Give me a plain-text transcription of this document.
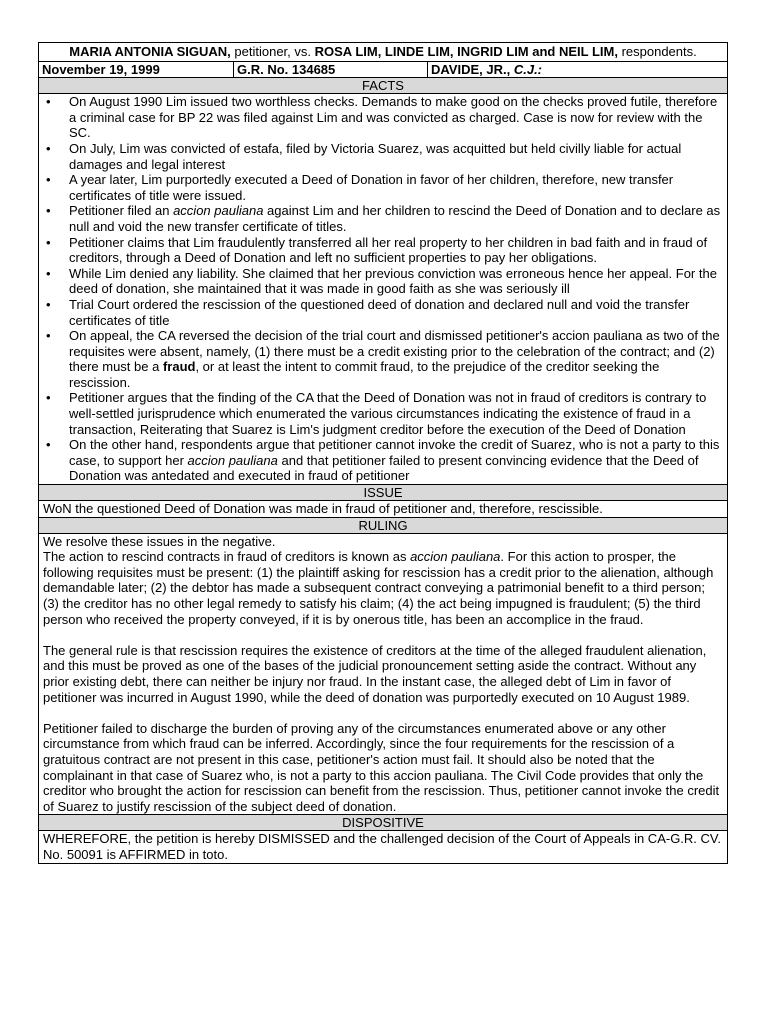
MARIA ANTONIA SIGUAN, petitioner, vs. ROSA LIM, LINDE LIM, INGRID LIM and NEIL LIM, respondents.
November 19, 1999	G.R. No. 134685	DAVIDE, JR., C.J.:
FACTS

• On August 1990 Lim issued two worthless checks. Demands to make good on the checks proved futile, therefore a criminal case for BP 22 was filed against Lim and was convicted as charged. Case is now for review with the SC.
• On July, Lim was convicted of estafa, filed by Victoria Suarez, was acquitted but held civilly liable for actual damages and legal interest
• A year later, Lim purportedly executed a Deed of Donation in favor of her children, therefore, new transfer certificates of title were issued.
• Petitioner filed an accion pauliana against Lim and her children to rescind the Deed of Donation and to declare as null and void the new transfer certificate of titles.
• Petitioner claims that Lim fraudulently transferred all her real property to her children in bad faith and in fraud of creditors, through a Deed of Donation and left no sufficient properties to pay her obligations.
• While Lim denied any liability. She claimed that her previous conviction was erroneous hence her appeal. For the deed of donation, she maintained that it was made in good faith as she was seriously ill
• Trial Court ordered the rescission of the questioned deed of donation and declared null and void the transfer certificates of title
• On appeal, the CA reversed the decision of the trial court and dismissed petitioner's accion pauliana as two of the requisites were absent, namely, (1) there must be a credit existing prior to the celebration of the contract; and (2) there must be a fraud, or at least the intent to commit fraud, to the prejudice of the creditor seeking the rescission.
• Petitioner argues that the finding of the CA that the Deed of Donation was not in fraud of creditors is contrary to well-settled jurisprudence which enumerated the various circumstances indicating the existence of fraud in a transaction, Reiterating that Suarez is Lim's judgment creditor before the execution of the Deed of Donation
• On the other hand, respondents argue that petitioner cannot invoke the credit of Suarez, who is not a party to this case, to support her accion pauliana and that petitioner failed to present convincing evidence that the Deed of Donation was antedated and executed in fraud of petitioner

ISSUE
WoN the questioned Deed of Donation was made in fraud of petitioner and, therefore, rescissible.
RULING

We resolve these issues in the negative.

The action to rescind contracts in fraud of creditors is known as accion pauliana. For this action to prosper, the following requisites must be present: (1) the plaintiff asking for rescission has a credit prior to the alienation, although demandable later; (2) the debtor has made a subsequent contract conveying a patrimonial benefit to a third person; (3) the creditor has no other legal remedy to satisfy his claim; (4) the act being impugned is fraudulent; (5) the third person who received the property conveyed, if it is by onerous title, has been an accomplice in the fraud.

The general rule is that rescission requires the existence of creditors at the time of the alleged fraudulent alienation, and this must be proved as one of the bases of the judicial pronouncement setting aside the contract. Without any prior existing debt, there can neither be injury nor fraud. In the instant case, the alleged debt of Lim in favor of petitioner was incurred in August 1990, while the deed of donation was purportedly executed on 10 August 1989.

Petitioner failed to discharge the burden of proving any of the circumstances enumerated above or any other circumstance from which fraud can be inferred. Accordingly, since the four requirements for the rescission of a gratuitous contract are not present in this case, petitioner's action must fail. It should also be noted that the complainant in that case of Suarez who, is not a party to this accion pauliana. The Civil Code provides that only the creditor who brought the action for rescission can benefit from the rescission. Thus, petitioner cannot invoke the credit of Suarez to justify rescission of the subject deed of donation.

DISPOSITIVE
WHEREFORE, the petition is hereby DISMISSED and the challenged decision of the Court of Appeals in CA-G.R. CV. No. 50091 is AFFIRMED in toto.
